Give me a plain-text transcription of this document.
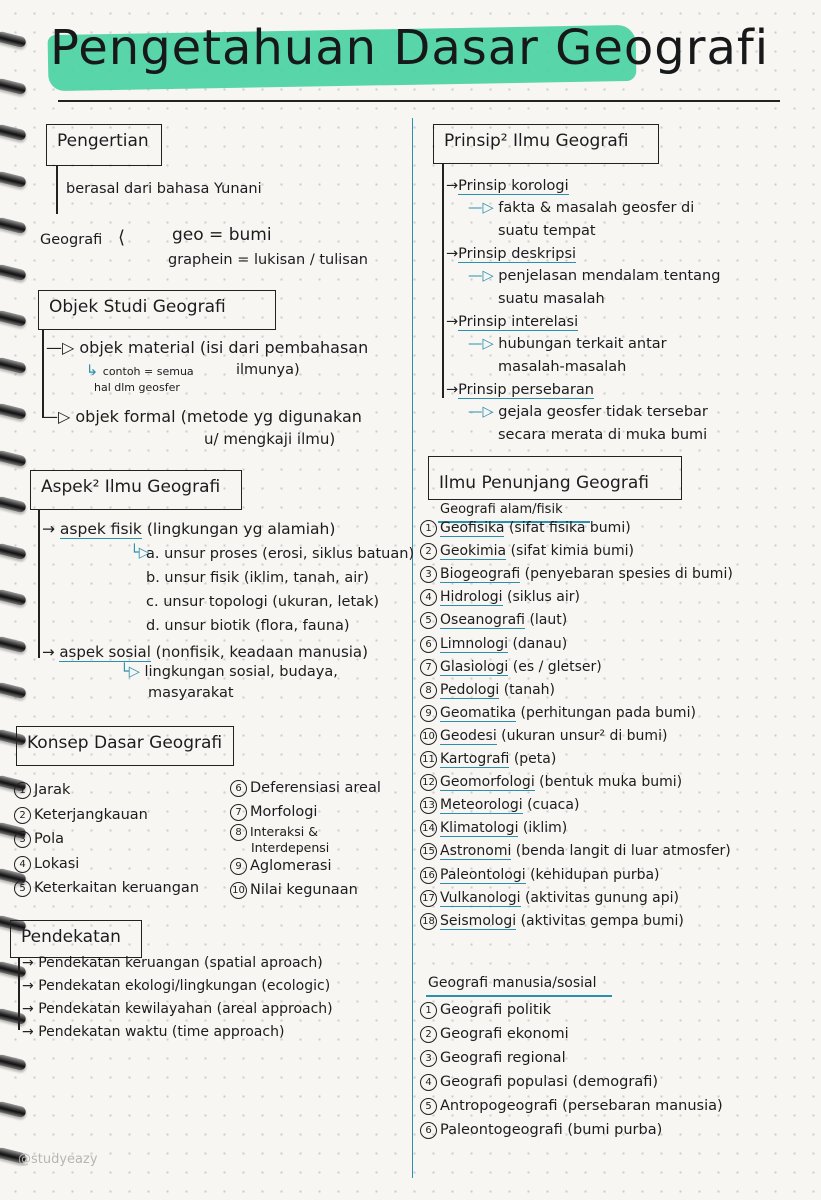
Pengetahuan Dasar Geografi
Pengertian
berasal dari bahasa Yunani
Geografi ⟨	geo = bumi
graphein = lukisan / tulisan
Objek Studi Geografi
—▷ objek material (isi dari pembahasan
↳ contoh = semua
hal dlm geosfer
ilmunya)
—▷ objek formal (metode yg digunakan
u/ mengkaji ilmu)
Aspek² Ilmu Geografi
→ aspek fisik (lingkungan yg alamiah)
└▷
a. unsur proses (erosi, siklus batuan)
b. unsur fisik (iklim, tanah, air)
c. unsur topologi (ukuran, letak)
d. unsur biotik (flora, fauna)
→ aspek sosial (nonfisik, keadaan manusia)
└▷ lingkungan sosial, budaya,
masyarakat
Konsep Dasar Geografi
1 Jarak
2 Keterjangkauan
3 Pola
4 Lokasi
5 Keterkaitan keruangan
6 Deferensiasi areal
7 Morfologi
8 Interaksi &
Interdepensi
9 Aglomerasi
10 Nilai kegunaan
Pendekatan
→ Pendekatan keruangan (spatial aproach)
→ Pendekatan ekologi/lingkungan (ecologic)
→ Pendekatan kewilayahan (areal approach)
→ Pendekatan waktu (time approach)
Prinsip² Ilmu Geografi
→Prinsip korologi
—▷ fakta & masalah geosfer di
suatu tempat
→Prinsip deskripsi
—▷ penjelasan mendalam tentang
suatu masalah
→Prinsip interelasi
—▷ hubungan terkait antar
masalah-masalah
→Prinsip persebaran
—▷ gejala geosfer tidak tersebar
secara merata di muka bumi
Ilmu Penunjang Geografi
Geografi alam/fisik
1 Geofisika (sifat fisika bumi)
2 Geokimia (sifat kimia bumi)
3 Biogeografi (penyebaran spesies di bumi)
4 Hidrologi (siklus air)
5 Oseanografi (laut)
6 Limnologi (danau)
7 Glasiologi (es / gletser)
8 Pedologi (tanah)
9 Geomatika (perhitungan pada bumi)
10 Geodesi (ukuran unsur² di bumi)
11 Kartografi (peta)
12 Geomorfologi (bentuk muka bumi)
13 Meteorologi (cuaca)
14 Klimatologi (iklim)
15 Astronomi (benda langit di luar atmosfer)
16 Paleontologi (kehidupan purba)
17 Vulkanologi (aktivitas gunung api)
18 Seismologi (aktivitas gempa bumi)
Geografi manusia/sosial
1 Geografi politik
2 Geografi ekonomi
3 Geografi regional
4 Geografi populasi (demografi)
5 Antropogeografi (persebaran manusia)
6 Paleontogeografi (bumi purba)
@studyeazy
